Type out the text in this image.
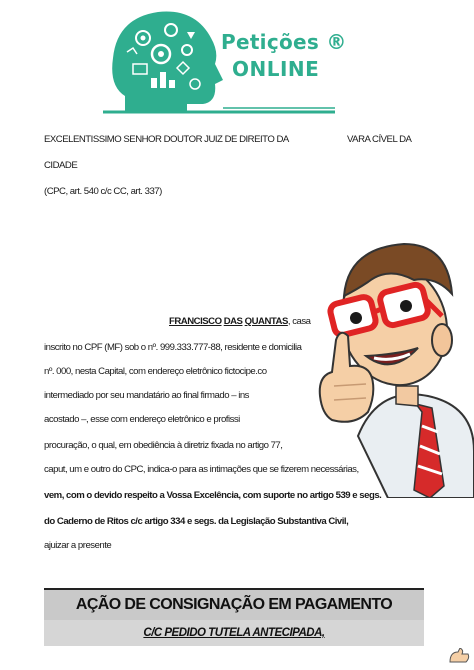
Petições ®
ONLINE
EXCELENTISSIMO SENHOR DOUTOR JUIZ DE DIREITO DA	VARA CÍVEL DA
CIDADE
(CPC, art. 540 c/c CC, art. 337)
FRANCISCO DAS QUANTAS, casa
inscrito no CPF (MF) sob o nº. 999.333.777-88, residente e domicilia
nº. 000, nesta Capital, com endereço eletrônico fictocipe.co
intermediado por seu mandatário ao final firmado – ins
acostado –, esse com endereço eletrônico e profissi
procuração, o qual, em obediência à diretriz fixada no artigo 77,
caput, um e outro do CPC, indica-o para as intimações que se fizerem necessárias,
vem, com o devido respeito a Vossa Excelência, com suporte no artigo 539 e segs.
do Caderno de Ritos c/c artigo 334 e segs. da Legislação Substantiva Civil,
ajuizar a presente
AÇÃO DE CONSIGNAÇÃO EM PAGAMENTO
C/C PEDIDO TUTELA ANTECIPADA,
